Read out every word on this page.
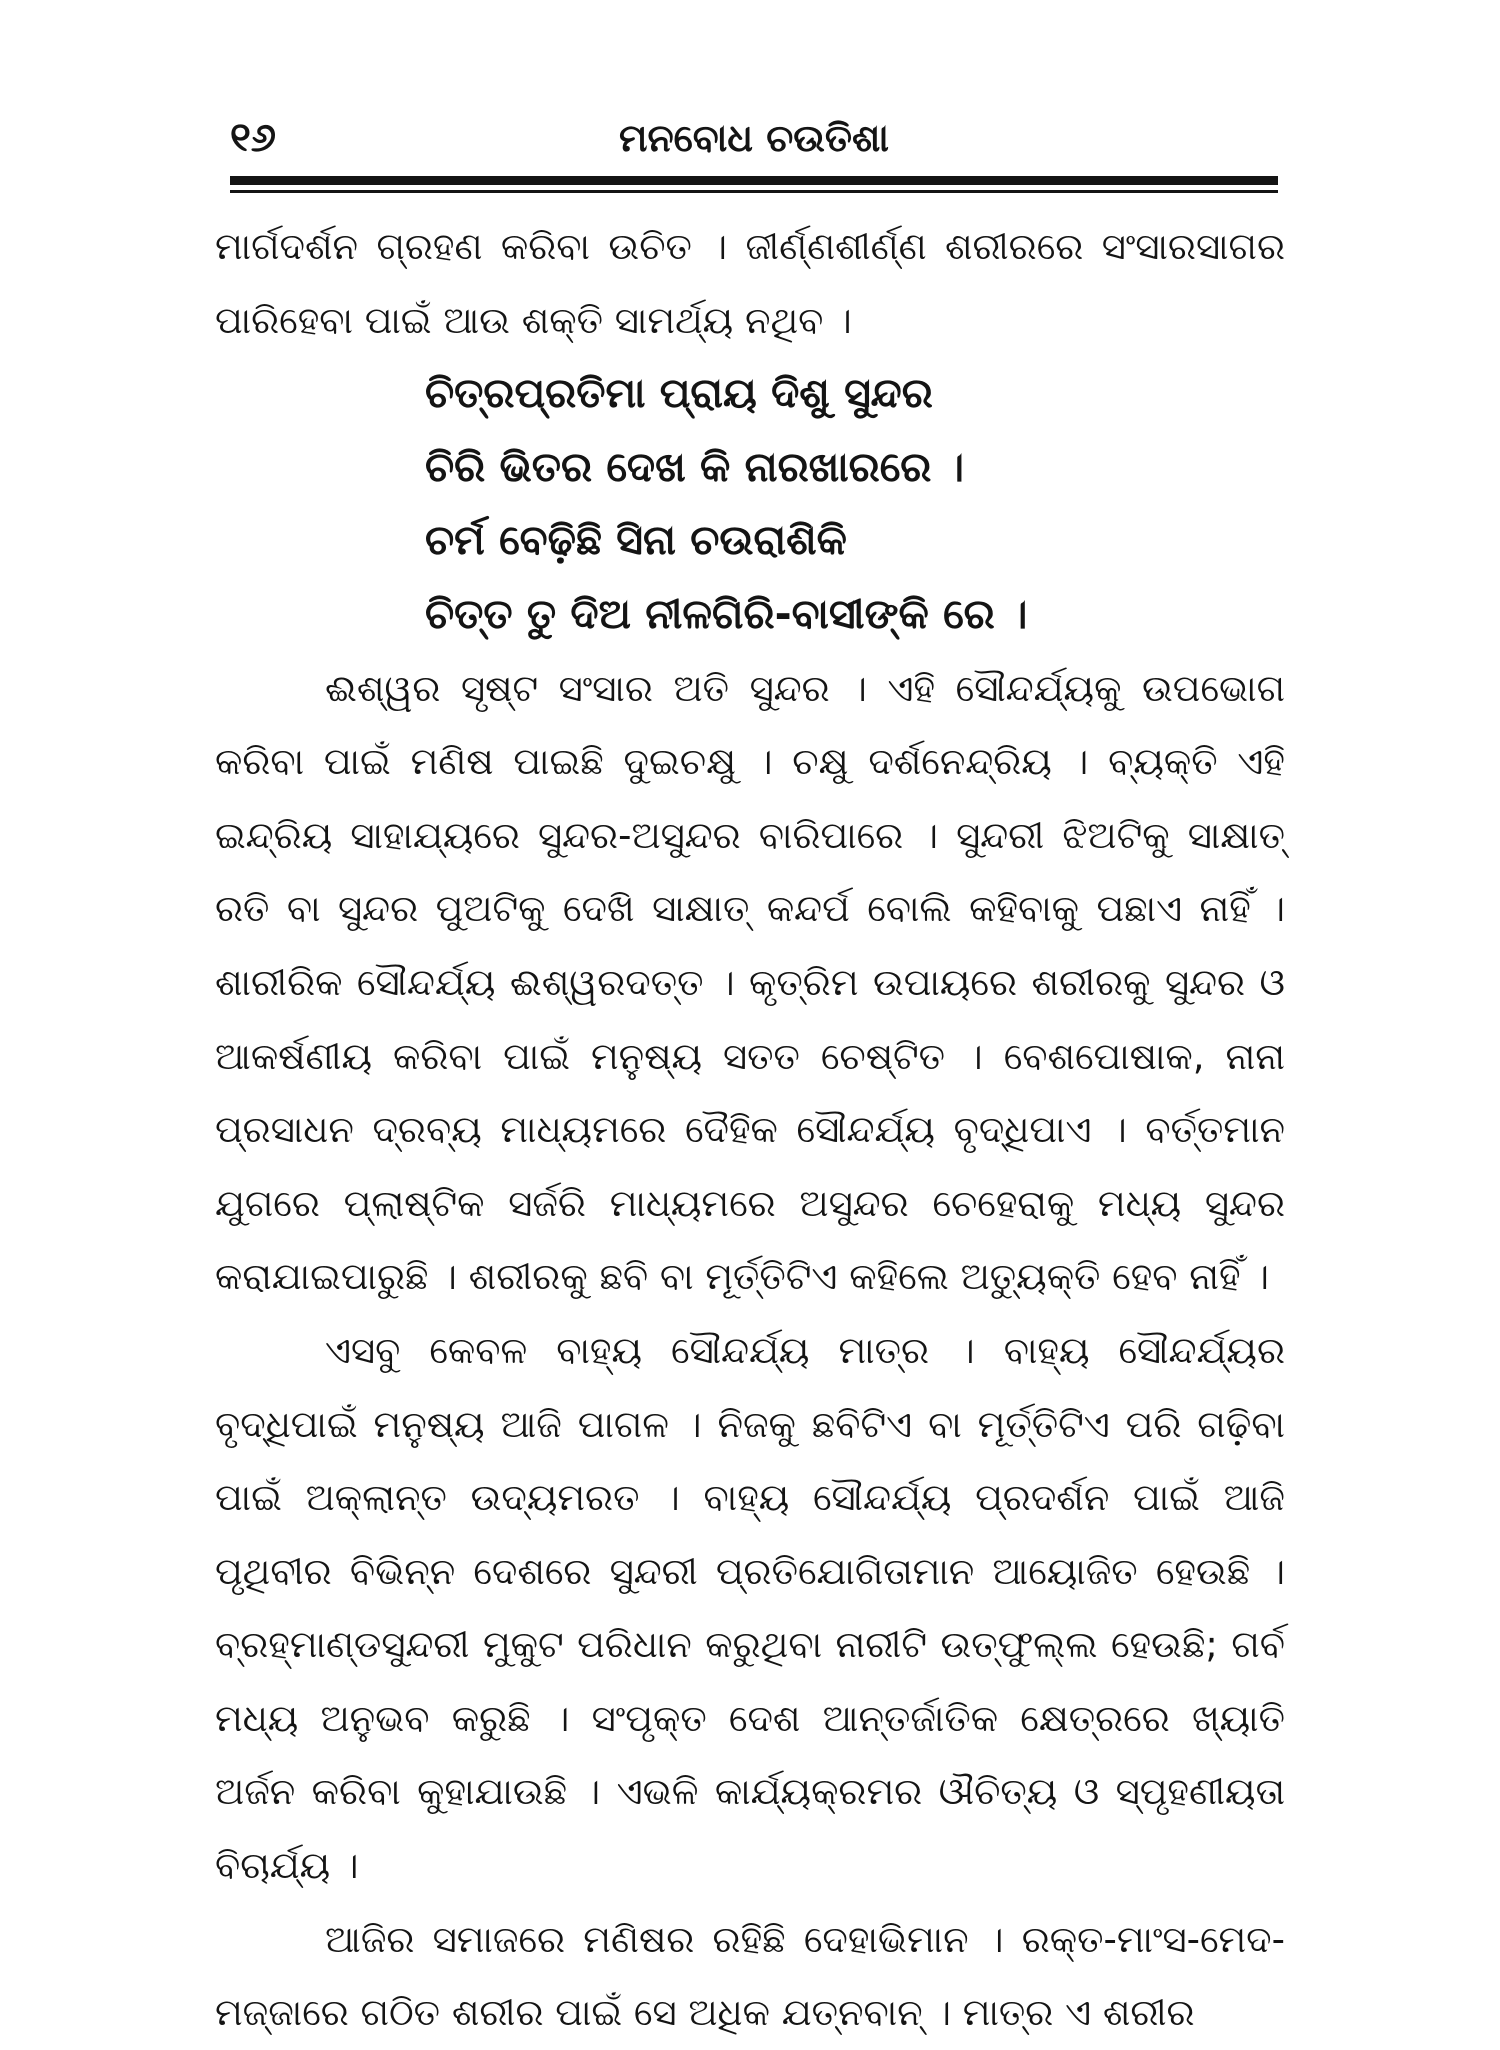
୧୬	ମନବୋଧ ଚଉତିଶା

ମାର୍ଗଦର୍ଶନ ଗ୍ରହଣ କରିବା ଉଚିତ । ଜୀର୍ଣ୍ଣଶୀର୍ଣ୍ଣ ଶରୀରରେ ସଂସାରସାଗର ପାରିହେବା ପାଇଁ ଆଉ ଶକ୍ତି ସାମର୍ଥ୍ୟ ନଥିବ ।

ଚିତ୍ରପ୍ରତିମା ପ୍ରାୟ ଦିଶୁ ସୁନ୍ଦର
ଚିରି ଭିତର ଦେଖ କି ନାରଖାରରେ ।
ଚର୍ମ ବେଢ଼ିଛି ସିନା ଚଉରାଶିକି
ଚିତ୍ତ ତୁ ଦିଅ ନୀଳଗିରି-ବାସୀଙ୍କି ରେ ।

ଈଶ୍ୱର ସୃଷ୍ଟ ସଂସାର ଅତି ସୁନ୍ଦର । ଏହି ସୌନ୍ଦର୍ଯ୍ୟକୁ ଉପଭୋଗ କରିବା ପାଇଁ ମଣିଷ ପାଇଛି ଦୁଇଚକ୍ଷୁ । ଚକ୍ଷୁ ଦର୍ଶନେନ୍ଦ୍ରିୟ । ବ୍ୟକ୍ତି ଏହି ଇନ୍ଦ୍ରିୟ ସାହାଯ୍ୟରେ ସୁନ୍ଦର-ଅସୁନ୍ଦର ବାରିପାରେ । ସୁନ୍ଦରୀ ଝିଅଟିକୁ ସାକ୍ଷାତ୍ ରତି ବା ସୁନ୍ଦର ପୁଅଟିକୁ ଦେଖି ସାକ୍ଷାତ୍ କନ୍ଦର୍ପ ବୋଲି କହିବାକୁ ପଛାଏ ନାହିଁ । ଶାରୀରିକ ସୌନ୍ଦର୍ଯ୍ୟ ଈଶ୍ୱରଦତ୍ତ । କୃତ୍ରିମ ଉପାୟରେ ଶରୀରକୁ ସୁନ୍ଦର ଓ ଆକର୍ଷଣୀୟ କରିବା ପାଇଁ ମନୁଷ୍ୟ ସତତ ଚେଷ୍ଟିତ । ବେଶପୋଷାକ, ନାନା ପ୍ରସାଧନ ଦ୍ରବ୍ୟ ମାଧ୍ୟମରେ ଦୈହିକ ସୌନ୍ଦର୍ଯ୍ୟ ବୃଦ୍ଧିପାଏ । ବର୍ତ୍ତମାନ ଯୁଗରେ ପ୍ଲାଷ୍ଟିକ ସର୍ଜରି ମାଧ୍ୟମରେ ଅସୁନ୍ଦର ଚେହେରାକୁ ମଧ୍ୟ ସୁନ୍ଦର କରାଯାଇପାରୁଛି । ଶରୀରକୁ ଛବି ବା ମୂର୍ତ୍ତିଟିଏ କହିଲେ ଅତ୍ୟୁକ୍ତି ହେବ ନାହିଁ ।

ଏସବୁ କେବଳ ବାହ୍ୟ ସୌନ୍ଦର୍ଯ୍ୟ ମାତ୍ର । ବାହ୍ୟ ସୌନ୍ଦର୍ଯ୍ୟର ବୃଦ୍ଧିପାଇଁ ମନୁଷ୍ୟ ଆଜି ପାଗଳ । ନିଜକୁ ଛବିଟିଏ ବା ମୂର୍ତ୍ତିଟିଏ ପରି ଗଢ଼ିବା ପାଇଁ ଅକ୍ଲାନ୍ତ ଉଦ୍ୟମରତ । ବାହ୍ୟ ସୌନ୍ଦର୍ଯ୍ୟ ପ୍ରଦର୍ଶନ ପାଇଁ ଆଜି ପୃଥିବୀର ବିଭିନ୍ନ ଦେଶରେ ସୁନ୍ଦରୀ ପ୍ରତିଯୋଗିତାମାନ ଆୟୋଜିତ ହେଉଛି । ବ୍ରହ୍ମାଣ୍ଡସୁନ୍ଦରୀ ମୁକୁଟ ପରିଧାନ କରୁଥିବା ନାରୀଟି ଉତ୍ଫୁଲ୍ଲ ହେଉଛି; ଗର୍ବ ମଧ୍ୟ ଅନୁଭବ କରୁଛି । ସଂପୃକ୍ତ ଦେଶ ଆନ୍ତର୍ଜାତିକ କ୍ଷେତ୍ରରେ ଖ୍ୟାତି ଅର୍ଜନ କରିବା କୁହାଯାଉଛି । ଏଭଳି କାର୍ଯ୍ୟକ୍ରମର ଔଚିତ୍ୟ ଓ ସ୍ପୃହଣୀୟତା ବିଚାର୍ଯ୍ୟ ।

ଆଜିର ସମାଜରେ ମଣିଷର ରହିଛି ଦେହାଭିମାନ । ରକ୍ତ-ମାଂସ-ମେଦ-ମଜ୍ଜାରେ ଗଠିତ ଶରୀର ପାଇଁ ସେ ଅଧିକ ଯତ୍ନବାନ୍ । ମାତ୍ର ଏ ଶରୀର
